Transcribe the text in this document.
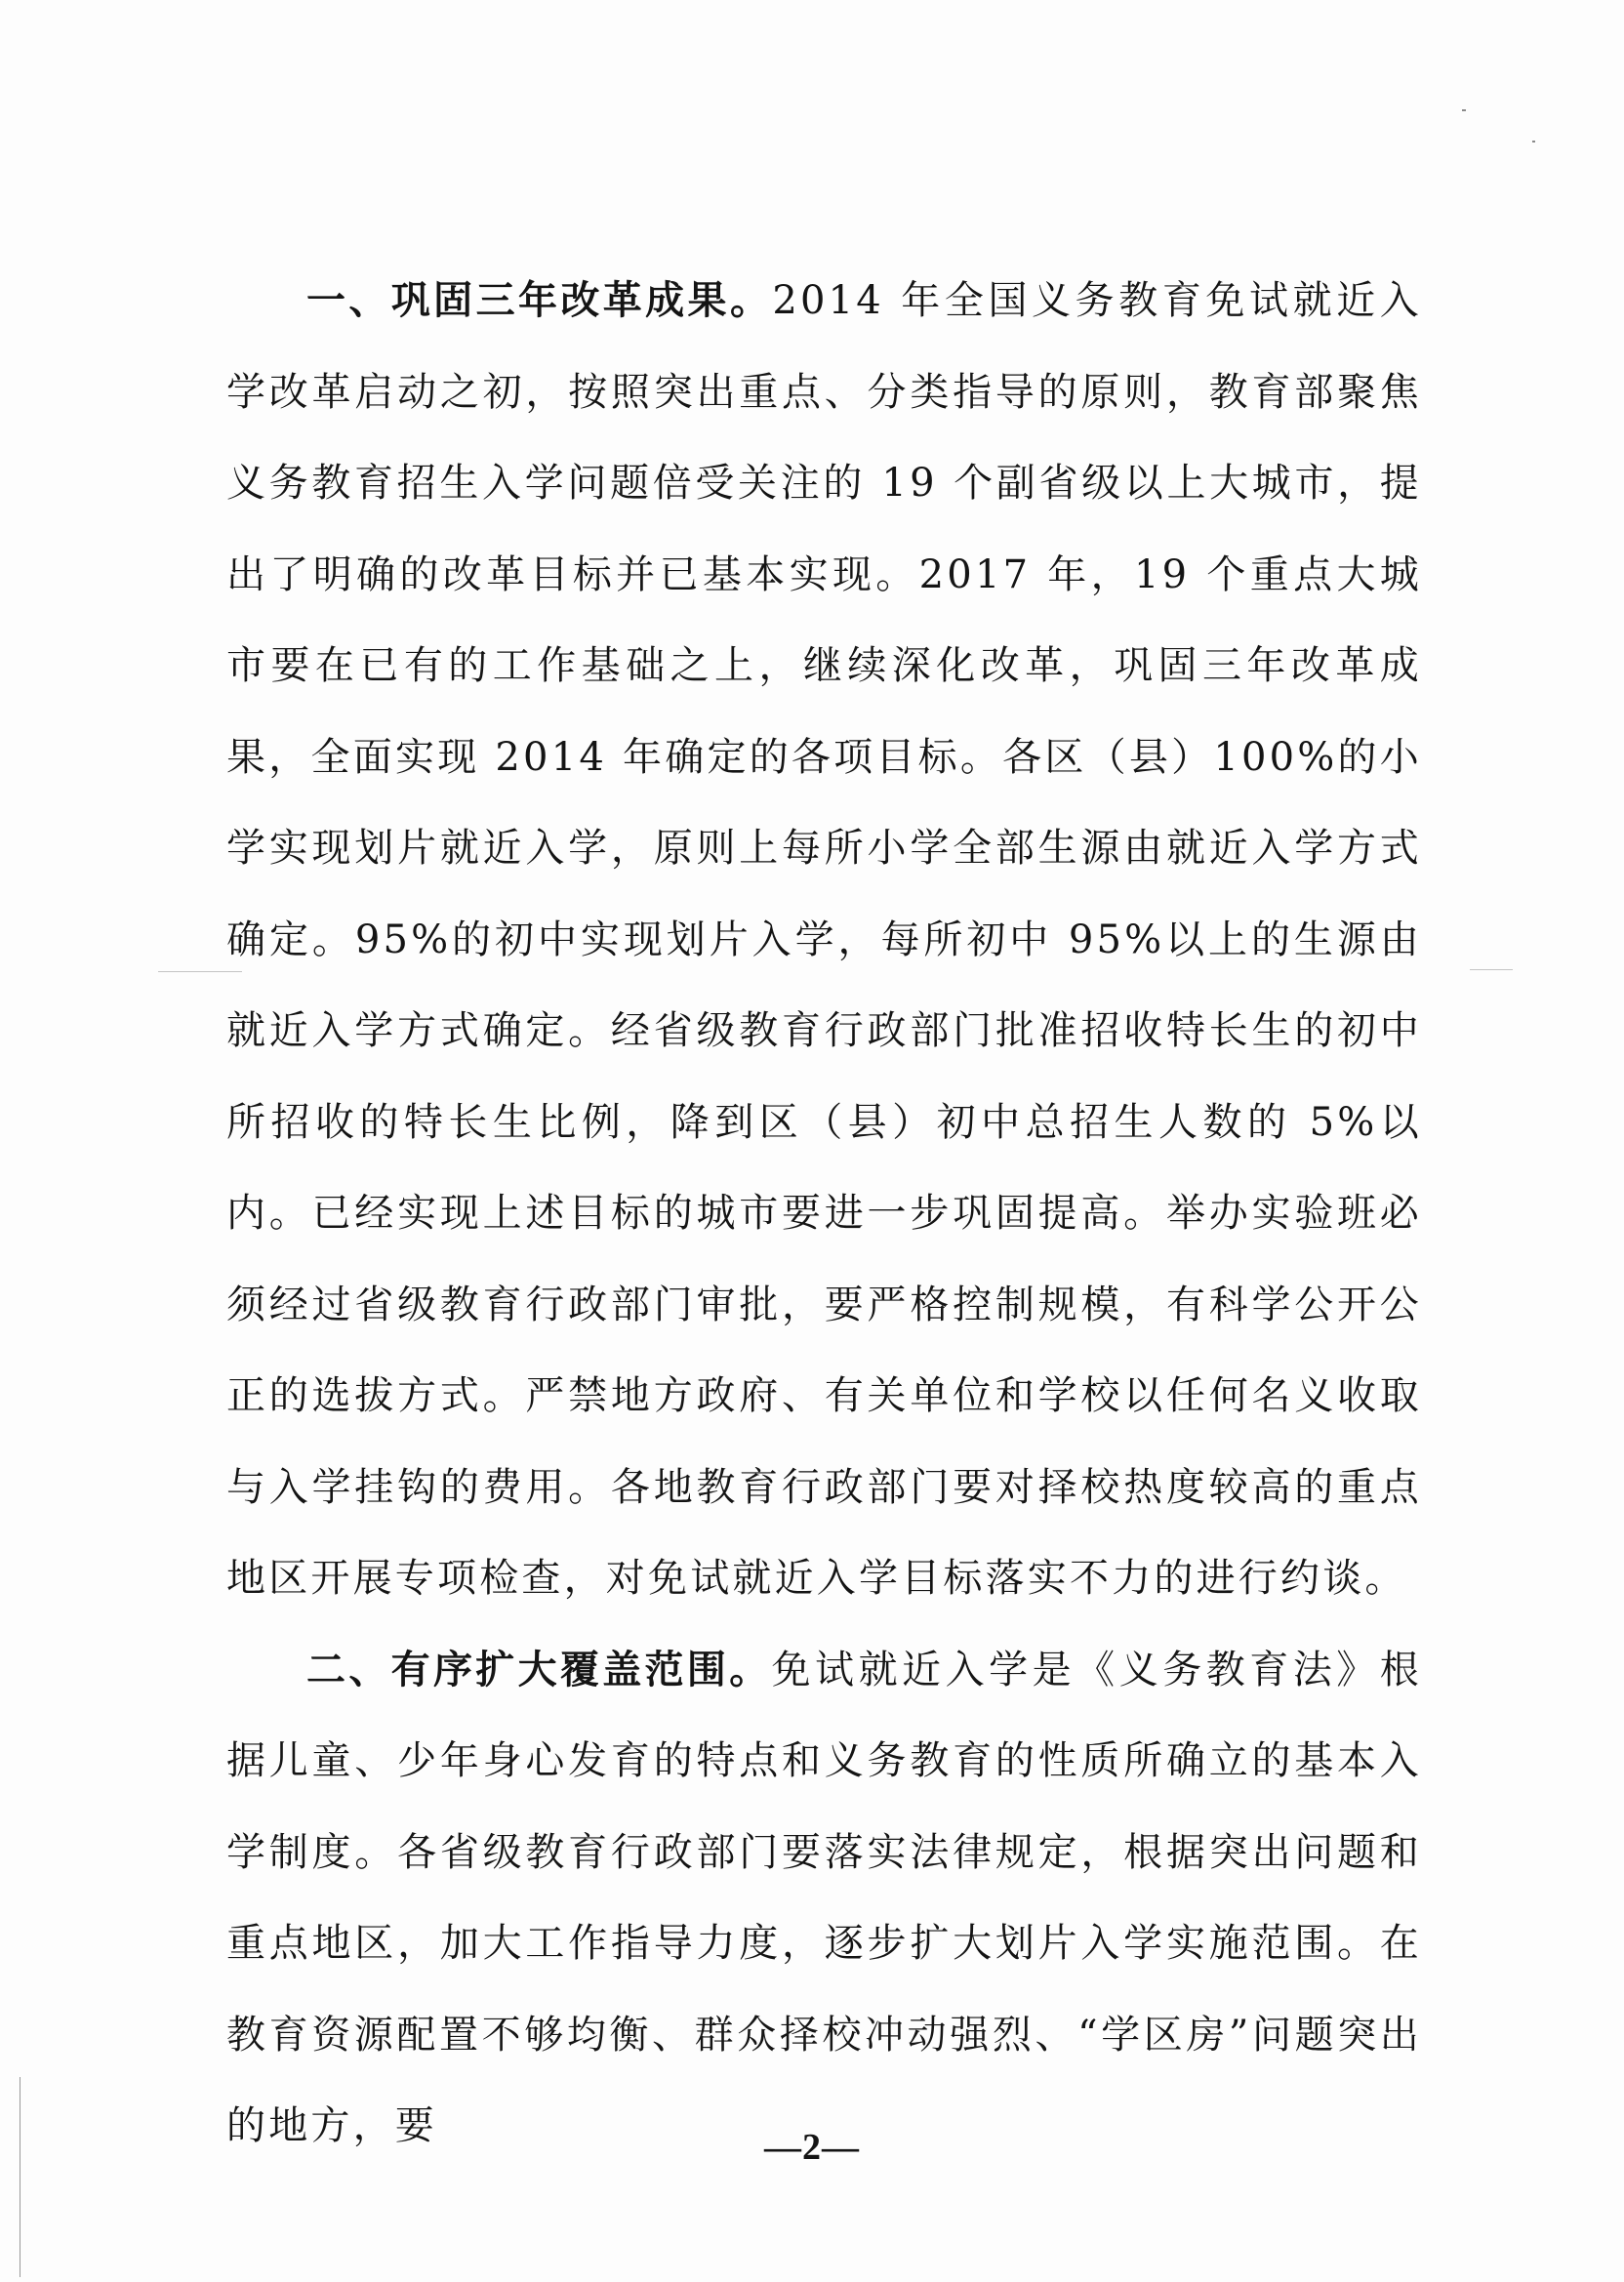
一、巩固三年改革成果。2014 年全国义务教育免试就近入学改革启动之初，按照突出重点、分类指导的原则，教育部聚焦义务教育招生入学问题倍受关注的 19 个副省级以上大城市，提出了明确的改革目标并已基本实现。2017 年，19 个重点大城市要在已有的工作基础之上，继续深化改革，巩固三年改革成果，全面实现 2014 年确定的各项目标。各区（县）100%的小学实现划片就近入学，原则上每所小学全部生源由就近入学方式确定。95%的初中实现划片入学，每所初中 95%以上的生源由就近入学方式确定。经省级教育行政部门批准招收特长生的初中所招收的特长生比例，降到区（县）初中总招生人数的 5%以内。已经实现上述目标的城市要进一步巩固提高。举办实验班必须经过省级教育行政部门审批，要严格控制规模，有科学公开公正的选拔方式。严禁地方政府、有关单位和学校以任何名义收取与入学挂钩的费用。各地教育行政部门要对择校热度较高的重点地区开展专项检查，对免试就近入学目标落实不力的进行约谈。

二、有序扩大覆盖范围。免试就近入学是《义务教育法》根据儿童、少年身心发育的特点和义务教育的性质所确立的基本入学制度。各省级教育行政部门要落实法律规定，根据突出问题和重点地区，加大工作指导力度，逐步扩大划片入学实施范围。在教育资源配置不够均衡、群众择校冲动强烈、“学区房”问题突出的地方，要	—2—
